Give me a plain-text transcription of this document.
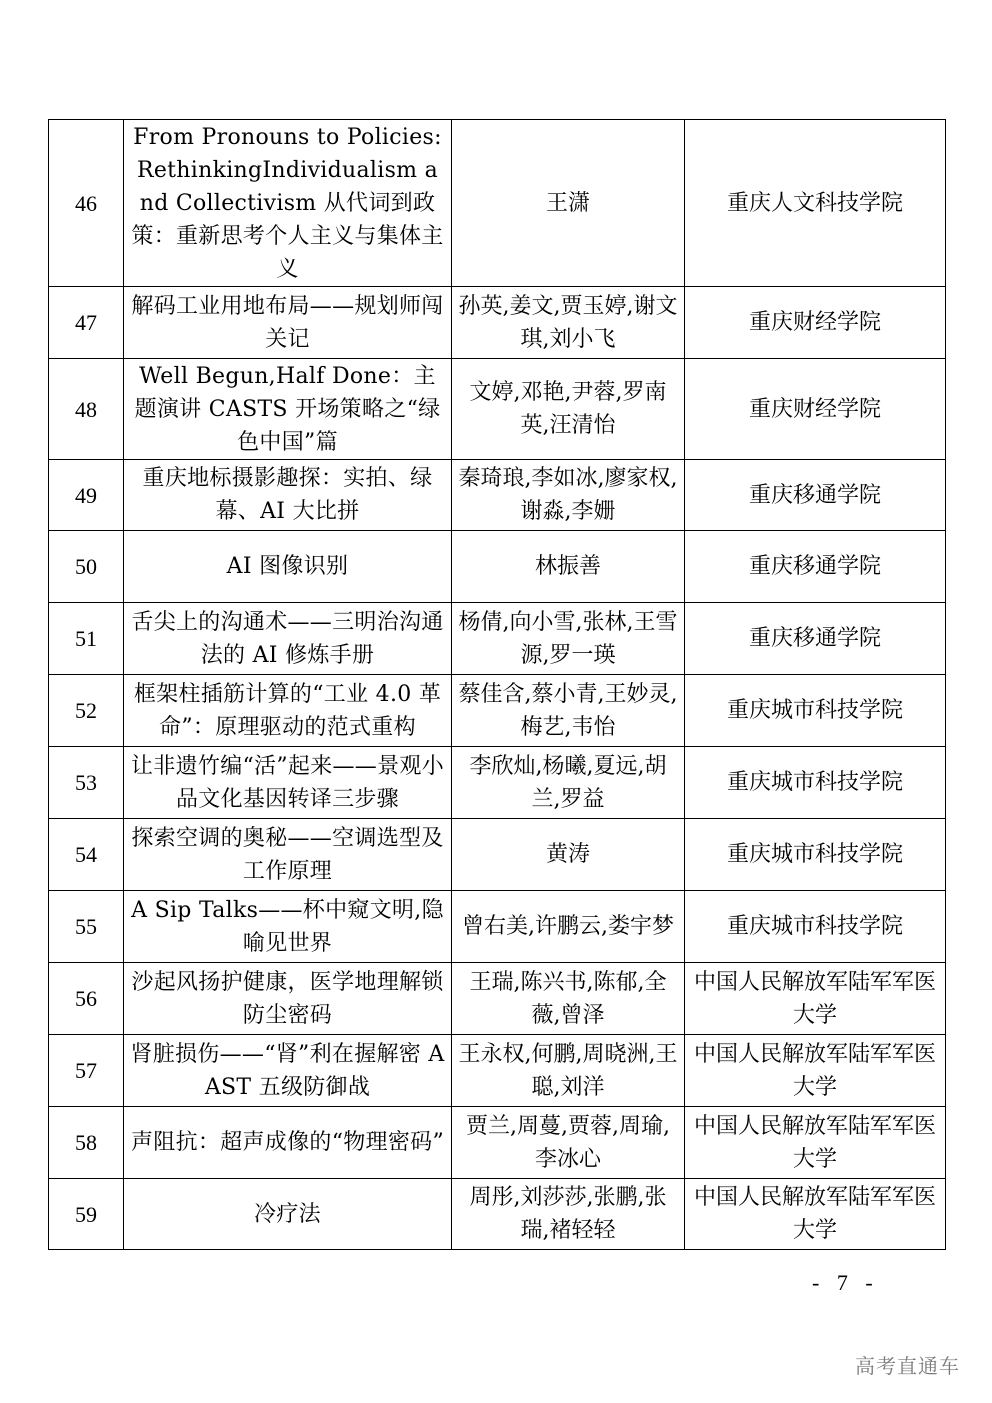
46	From Pronouns to Policies:RethinkingIndividualism and Collectivism 从代词到政策：重新思考个人主义与集体主义	王潇	重庆人文科技学院
47	解码工业用地布局——规划师闯关记	孙英,姜文,贾玉婷,谢文琪,刘小飞	重庆财经学院
48	Well Begun,Half Done：主题演讲 CASTS 开场策略之“绿色中国”篇	文婷,邓艳,尹蓉,罗南英,汪清怡	重庆财经学院
49	重庆地标摄影趣探：实拍、绿幕、AI 大比拼	秦琦琅,李如冰,廖家权,谢淼,李姗	重庆移通学院
50	AI 图像识别	林振善	重庆移通学院
51	舌尖上的沟通术——三明治沟通法的 AI 修炼手册	杨倩,向小雪,张林,王雪源,罗一瑛	重庆移通学院
52	框架柱插筋计算的“工业 4.0 革命”：原理驱动的范式重构	蔡佳含,蔡小青,王妙灵,梅艺,韦怡	重庆城市科技学院
53	让非遗竹编“活”起来——景观小品文化基因转译三步骤	李欣灿,杨曦,夏远,胡兰,罗益	重庆城市科技学院
54	探索空调的奥秘——空调选型及工作原理	黄涛	重庆城市科技学院
55	A Sip Talks——杯中窥文明,隐喻见世界	曾右美,许鹏云,娄宇梦	重庆城市科技学院
56	沙起风扬护健康，医学地理解锁防尘密码	王瑞,陈兴书,陈郁,全薇,曾泽	中国人民解放军陆军军医大学
57	肾脏损伤——“肾”利在握解密 AAST 五级防御战	王永权,何鹏,周晓洲,王聪,刘洋	中国人民解放军陆军军医大学
58	声阻抗：超声成像的“物理密码”	贾兰,周蔓,贾蓉,周瑜,李冰心	中国人民解放军陆军军医大学
59	冷疗法	周彤,刘莎莎,张鹏,张瑞,褚轻轻	中国人民解放军陆军军医大学
- 7 -
高考直通车
